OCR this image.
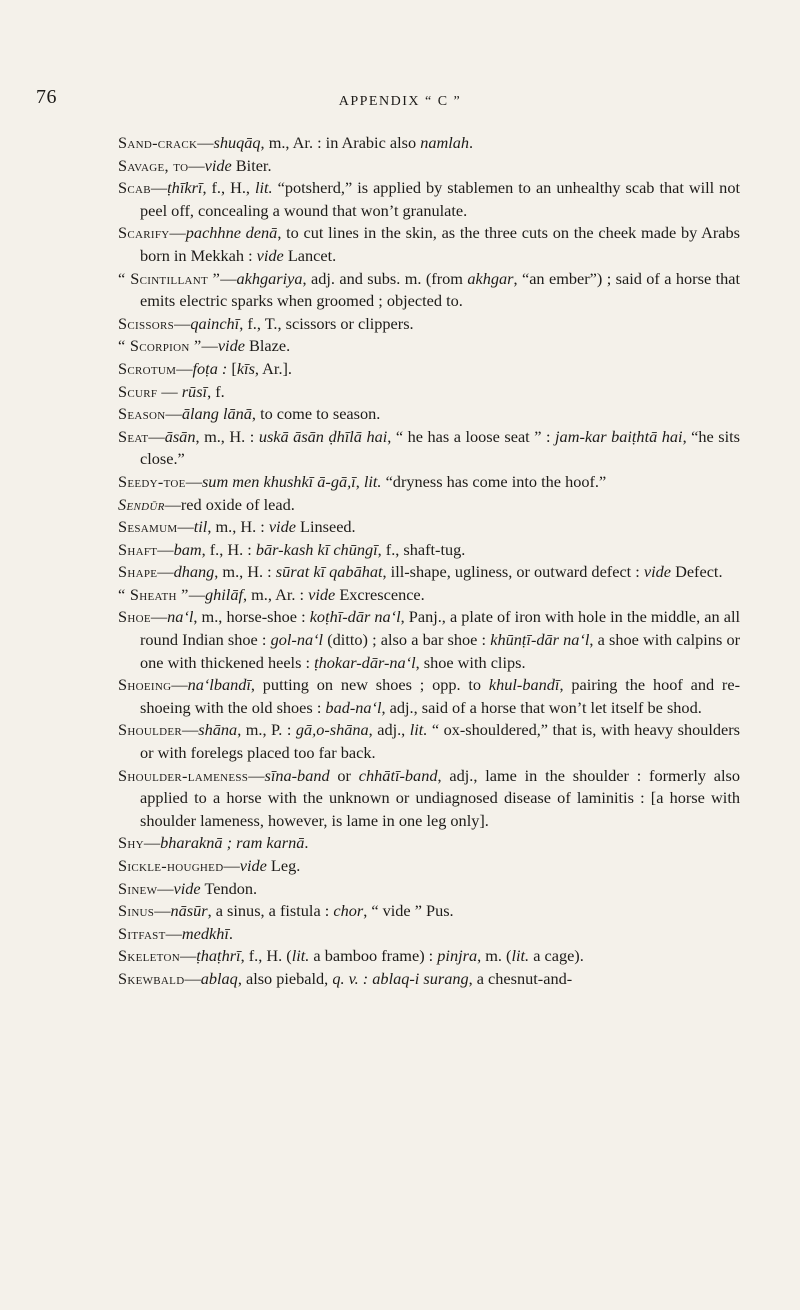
76	APPENDIX “ C ”

Sand-crack—shuqāq, m., Ar. : in Arabic also namlah.

Savage, to—vide Biter.

Scab—ṭhīkrī, f., H., lit. “potsherd,” is applied by stablemen to an unhealthy scab that will not peel off, concealing a wound that won’t granulate.

Scarify—pachhne denā, to cut lines in the skin, as the three cuts on the cheek made by Arabs born in Mekkah : vide Lancet.

“ Scintillant ”—akhgariya, adj. and subs. m. (from akhgar, “an ember”) ; said of a horse that emits electric sparks when groomed ; objected to.

Scissors—qainchī, f., T., scissors or clippers.

“ Scorpion ”—vide Blaze.

Scrotum—foṭa : [kīs, Ar.].

Scurf — rūsī, f.

Season—ālang lānā, to come to season.

Seat—āsān, m., H. : uskā āsān ḍhīlā hai, “ he has a loose seat ” : jam-kar baiṭhtā hai, “he sits close.”

Seedy-toe—sum men khushkī ā-gā,ī, lit. “dryness has come into the hoof.”

Sendūr—red oxide of lead.

Sesamum—til, m., H. : vide Linseed.

Shaft—bam, f., H. : bār-kash kī chūngī, f., shaft-tug.

Shape—dhang, m., H. : sūrat kī qabāhat, ill-shape, ugliness, or outward defect : vide Defect.

“ Sheath ”—ghilāf, m., Ar. : vide Excrescence.

Shoe—na‘l, m., horse-shoe : koṭhī-dār na‘l, Panj., a plate of iron with hole in the middle, an all round Indian shoe : gol-na‘l (ditto) ; also a bar shoe : khūnṭī-dār na‘l, a shoe with calpins or one with thickened heels : ṭhokar-dār-na‘l, shoe with clips.

Shoeing—na‘lbandī, putting on new shoes ; opp. to khul-bandī, pairing the hoof and re-shoeing with the old shoes : bad-na‘l, adj., said of a horse that won’t let itself be shod.

Shoulder—shāna, m., P. : gā,o-shāna, adj., lit. “ ox-shouldered,” that is, with heavy shoulders or with forelegs placed too far back.

Shoulder-lameness—sīna-band or chhātī-band, adj., lame in the shoulder : formerly also applied to a horse with the unknown or undiagnosed disease of laminitis : [a horse with shoulder lameness, however, is lame in one leg only].

Shy—bharaknā ; ram karnā.

Sickle-houghed—vide Leg.

Sinew—vide Tendon.

Sinus—nāsūr, a sinus, a fistula : chor, “ vide ” Pus.

Sitfast—medkhī.

Skeleton—ṭhaṭhrī, f., H. (lit. a bamboo frame) : pinjra, m. (lit. a cage).

Skewbald—ablaq, also piebald, q. v. : ablaq-i surang, a chesnut-and-
